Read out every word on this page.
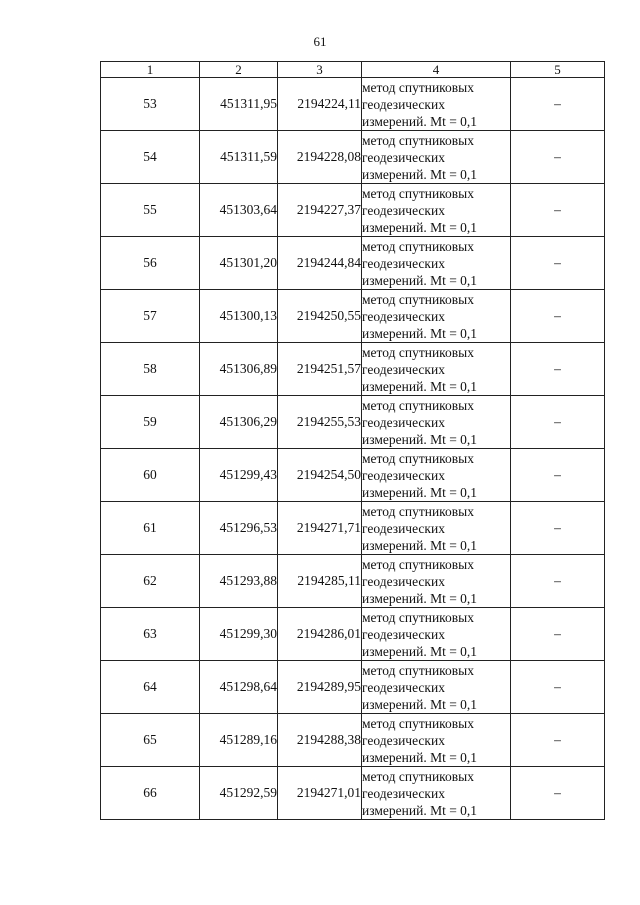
61
1	2	3	4	5
53	451311,95	2194224,11	метод спутниковых
геодезических
измерений. Mt = 0,1	–
54	451311,59	2194228,08	метод спутниковых
геодезических
измерений. Mt = 0,1	–
55	451303,64	2194227,37	метод спутниковых
геодезических
измерений. Mt = 0,1	–
56	451301,20	2194244,84	метод спутниковых
геодезических
измерений. Mt = 0,1	–
57	451300,13	2194250,55	метод спутниковых
геодезических
измерений. Mt = 0,1	–
58	451306,89	2194251,57	метод спутниковых
геодезических
измерений. Mt = 0,1	–
59	451306,29	2194255,53	метод спутниковых
геодезических
измерений. Mt = 0,1	–
60	451299,43	2194254,50	метод спутниковых
геодезических
измерений. Mt = 0,1	–
61	451296,53	2194271,71	метод спутниковых
геодезических
измерений. Mt = 0,1	–
62	451293,88	2194285,11	метод спутниковых
геодезических
измерений. Mt = 0,1	–
63	451299,30	2194286,01	метод спутниковых
геодезических
измерений. Mt = 0,1	–
64	451298,64	2194289,95	метод спутниковых
геодезических
измерений. Mt = 0,1	–
65	451289,16	2194288,38	метод спутниковых
геодезических
измерений. Mt = 0,1	–
66	451292,59	2194271,01	метод спутниковых
геодезических
измерений. Mt = 0,1	–
